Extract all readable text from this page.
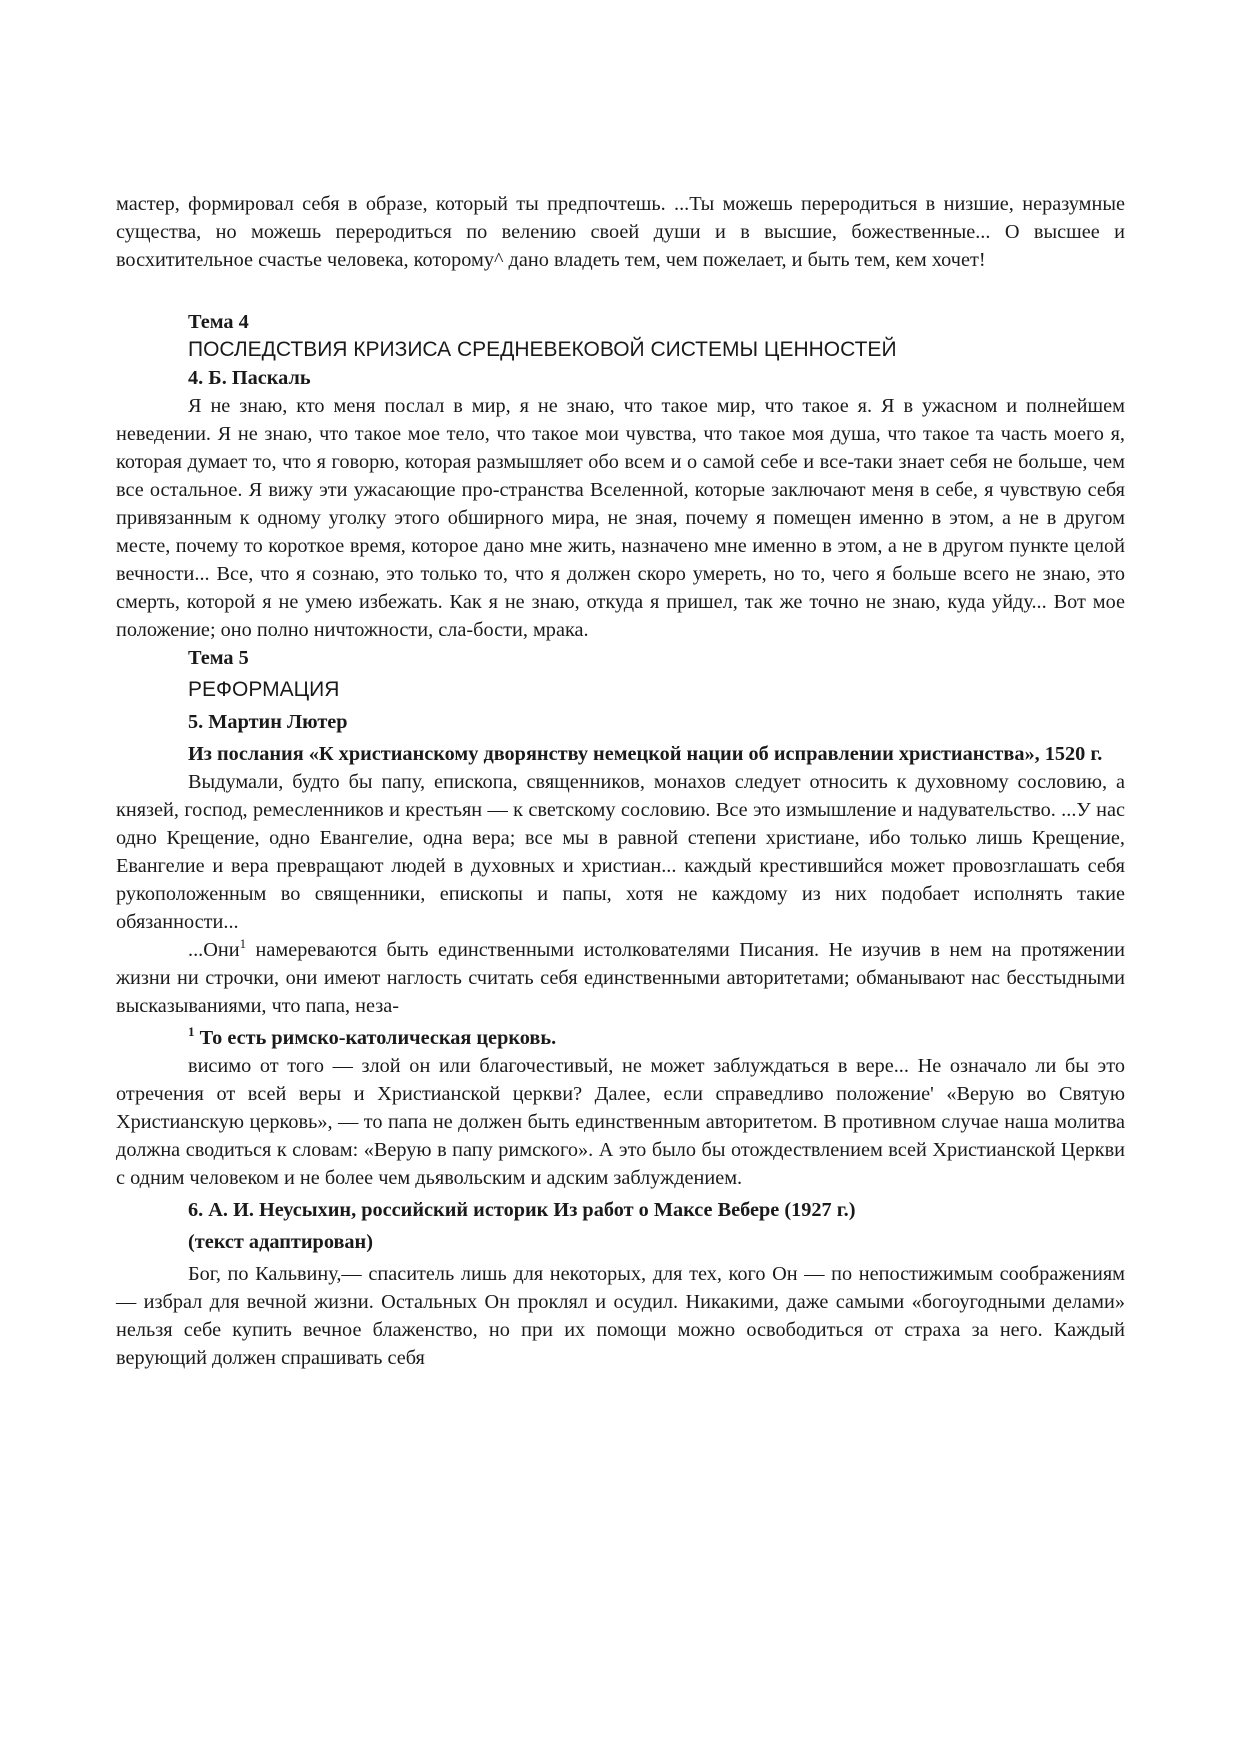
мастер, формировал себя в образе, который ты предпочтешь. ...Ты можешь переродиться в низшие, неразумные существа, но можешь переродиться по велению своей души и в высшие, божественные... О высшее и восхитительное счастье человека, которому^ дано владеть тем, чем пожелает, и быть тем, кем хочет!

Тема 4
ПОСЛЕДСТВИЯ КРИЗИСА СРЕДНЕВЕКОВОЙ СИСТЕМЫ ЦЕННОСТЕЙ
4. Б. Паскаль

Я не знаю, кто меня послал в мир, я не знаю, что такое мир, что такое я. Я в ужасном и полнейшем неведении. Я не знаю, что такое мое тело, что такое мои чувства, что такое моя душа, что такое та часть моего я, которая думает то, что я говорю, которая размышляет обо всем и о самой себе и все-таки знает себя не больше, чем все остальное. Я вижу эти ужасающие про-странства Вселенной, которые заключают меня в себе, я чувствую себя привязанным к одному уголку этого обширного мира, не зная, почему я помещен именно в этом, а не в другом месте, почему то короткое время, которое дано мне жить, назначено мне именно в этом, а не в другом пункте целой вечности... Все, что я сознаю, это только то, что я должен скоро умереть, но то, чего я больше всего не знаю, это смерть, которой я не умею избежать. Как я не знаю, откуда я пришел, так же точно не знаю, куда уйду... Вот мое положение; оно полно ничтожности, сла-бости, мрака.

Тема 5
РЕФОРМАЦИЯ
5. Мартин Лютер

Из послания «К христианскому дворянству немецкой нации об исправлении христианства», 1520 г.

Выдумали, будто бы папу, епископа, священников, монахов следует относить к духовному сословию, а князей, господ, ремесленников и крестьян — к светскому сословию. Все это измышление и надувательство. ...У нас одно Крещение, одно Евангелие, одна вера; все мы в равной степени христиане, ибо только лишь Крещение, Евангелие и вера превращают людей в духовных и христиан... каждый крестившийся может провозглашать себя рукоположенным во священники, епископы и папы, хотя не каждому из них подобает исполнять такие обязанности...

...Они$^1$ намереваются быть единственными истолкователями Писания. Не изучив в нем на протяжении жизни ни строчки, они имеют наглость считать себя единственными авторитетами; обманывают нас бесстыдными высказываниями, что папа, неза-

$^1$ То есть римско-католическая церковь.

висимо от того — злой он или благочестивый, не может заблуждаться в вере... Не означало ли бы это отречения от всей веры и Христианской церкви? Далее, если справедливо положение' «Верую во Святую Христианскую церковь», — то папа не должен быть единственным авторитетом. В противном случае наша молитва должна сводиться к словам: «Верую в папу римского». А это было бы отождествлением всей Христианской Церкви с одним человеком и не более чем дьявольским и адским заблуждением.

6. А. И. Неусыхин, российский историк Из работ о Максе Вебере (1927 г.)
(текст адаптирован)

Бог, по Кальвину,— спаситель лишь для некоторых, для тех, кого Он — по непостижимым соображениям — избрал для вечной жизни. Остальных Он проклял и осудил. Никакими, даже самыми «богоугодными делами» нельзя себе купить вечное блаженство, но при их помощи можно освободиться от страха за него. Каждый верующий должен спрашивать себя
